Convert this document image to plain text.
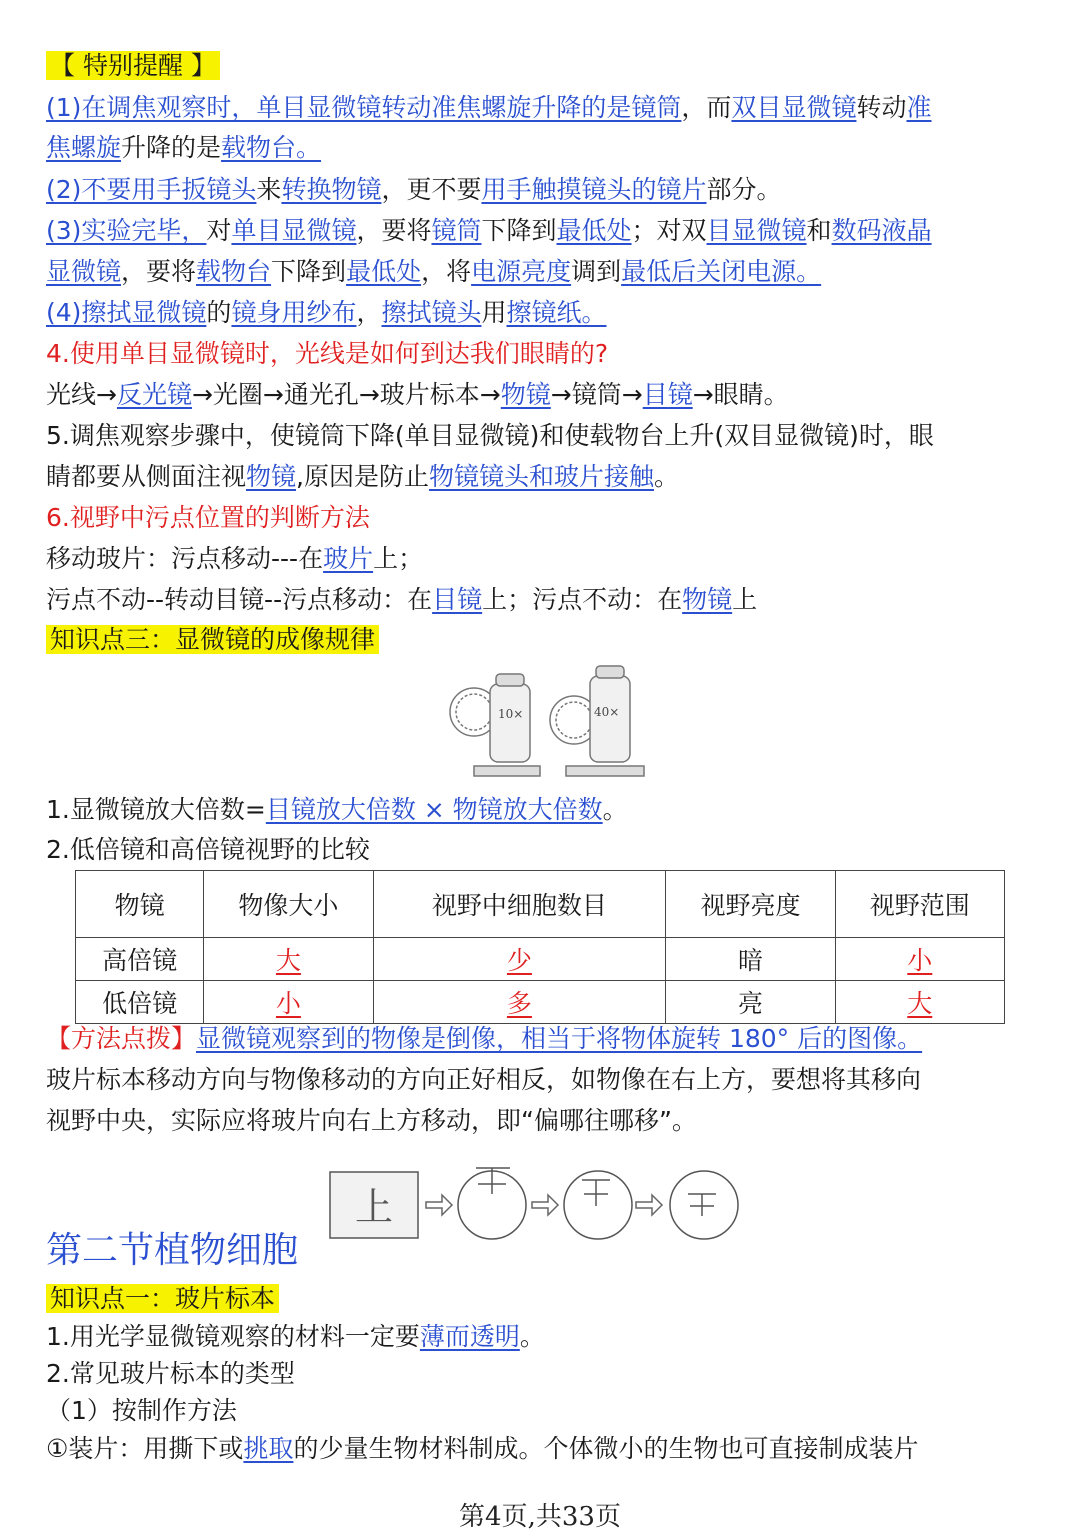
【 特别提醒 】
(1)在调焦观察时，单目显微镜转动准焦螺旋升降的是镜筒，而双目显微镜转动准
焦螺旋升降的是载物台。
(2)不要用手扳镜头来转换物镜，更不要用手触摸镜头的镜片部分。
(3)实验完毕，对单目显微镜，要将镜筒下降到最低处；对双目显微镜和数码液晶
显微镜，要将载物台下降到最低处，将电源亮度调到最低后关闭电源。
(4)擦拭显微镜的镜身用纱布，擦拭镜头用擦镜纸。
4.使用单目显微镜时，光线是如何到达我们眼睛的?
光线→反光镜→光圈→通光孔→玻片标本→物镜→镜筒→目镜→眼睛。
5.调焦观察步骤中，使镜筒下降(单目显微镜)和使载物台上升(双目显微镜)时，眼
睛都要从侧面注视物镜,原因是防止物镜镜头和玻片接触。
6.视野中污点位置的判断方法
移动玻片：污点移动---在玻片上；
污点不动--转动目镜--污点移动：在目镜上；污点不动：在物镜上
知识点三：显微镜的成像规律
10×	40×
1.显微镜放大倍数=目镜放大倍数 × 物镜放大倍数。
2.低倍镜和高倍镜视野的比较
物镜	物像大小	视野中细胞数目	视野亮度	视野范围
高倍镜	大	少	暗	小
低倍镜	小	多	亮	大
【方法点拨】显微镜观察到的物像是倒像，相当于将物体旋转 180° 后的图像。
玻片标本移动方向与物像移动的方向正好相反，如物像在右上方，要想将其移向
视野中央，实际应将玻片向右上方移动，即“偏哪往哪移”。
上
第二节植物细胞
知识点一：玻片标本
1.用光学显微镜观察的材料一定要薄而透明。
2.常见玻片标本的类型
（1）按制作方法
①装片：用撕下或挑取的少量生物材料制成。个体微小的生物也可直接制成装片
第4页,共33页
